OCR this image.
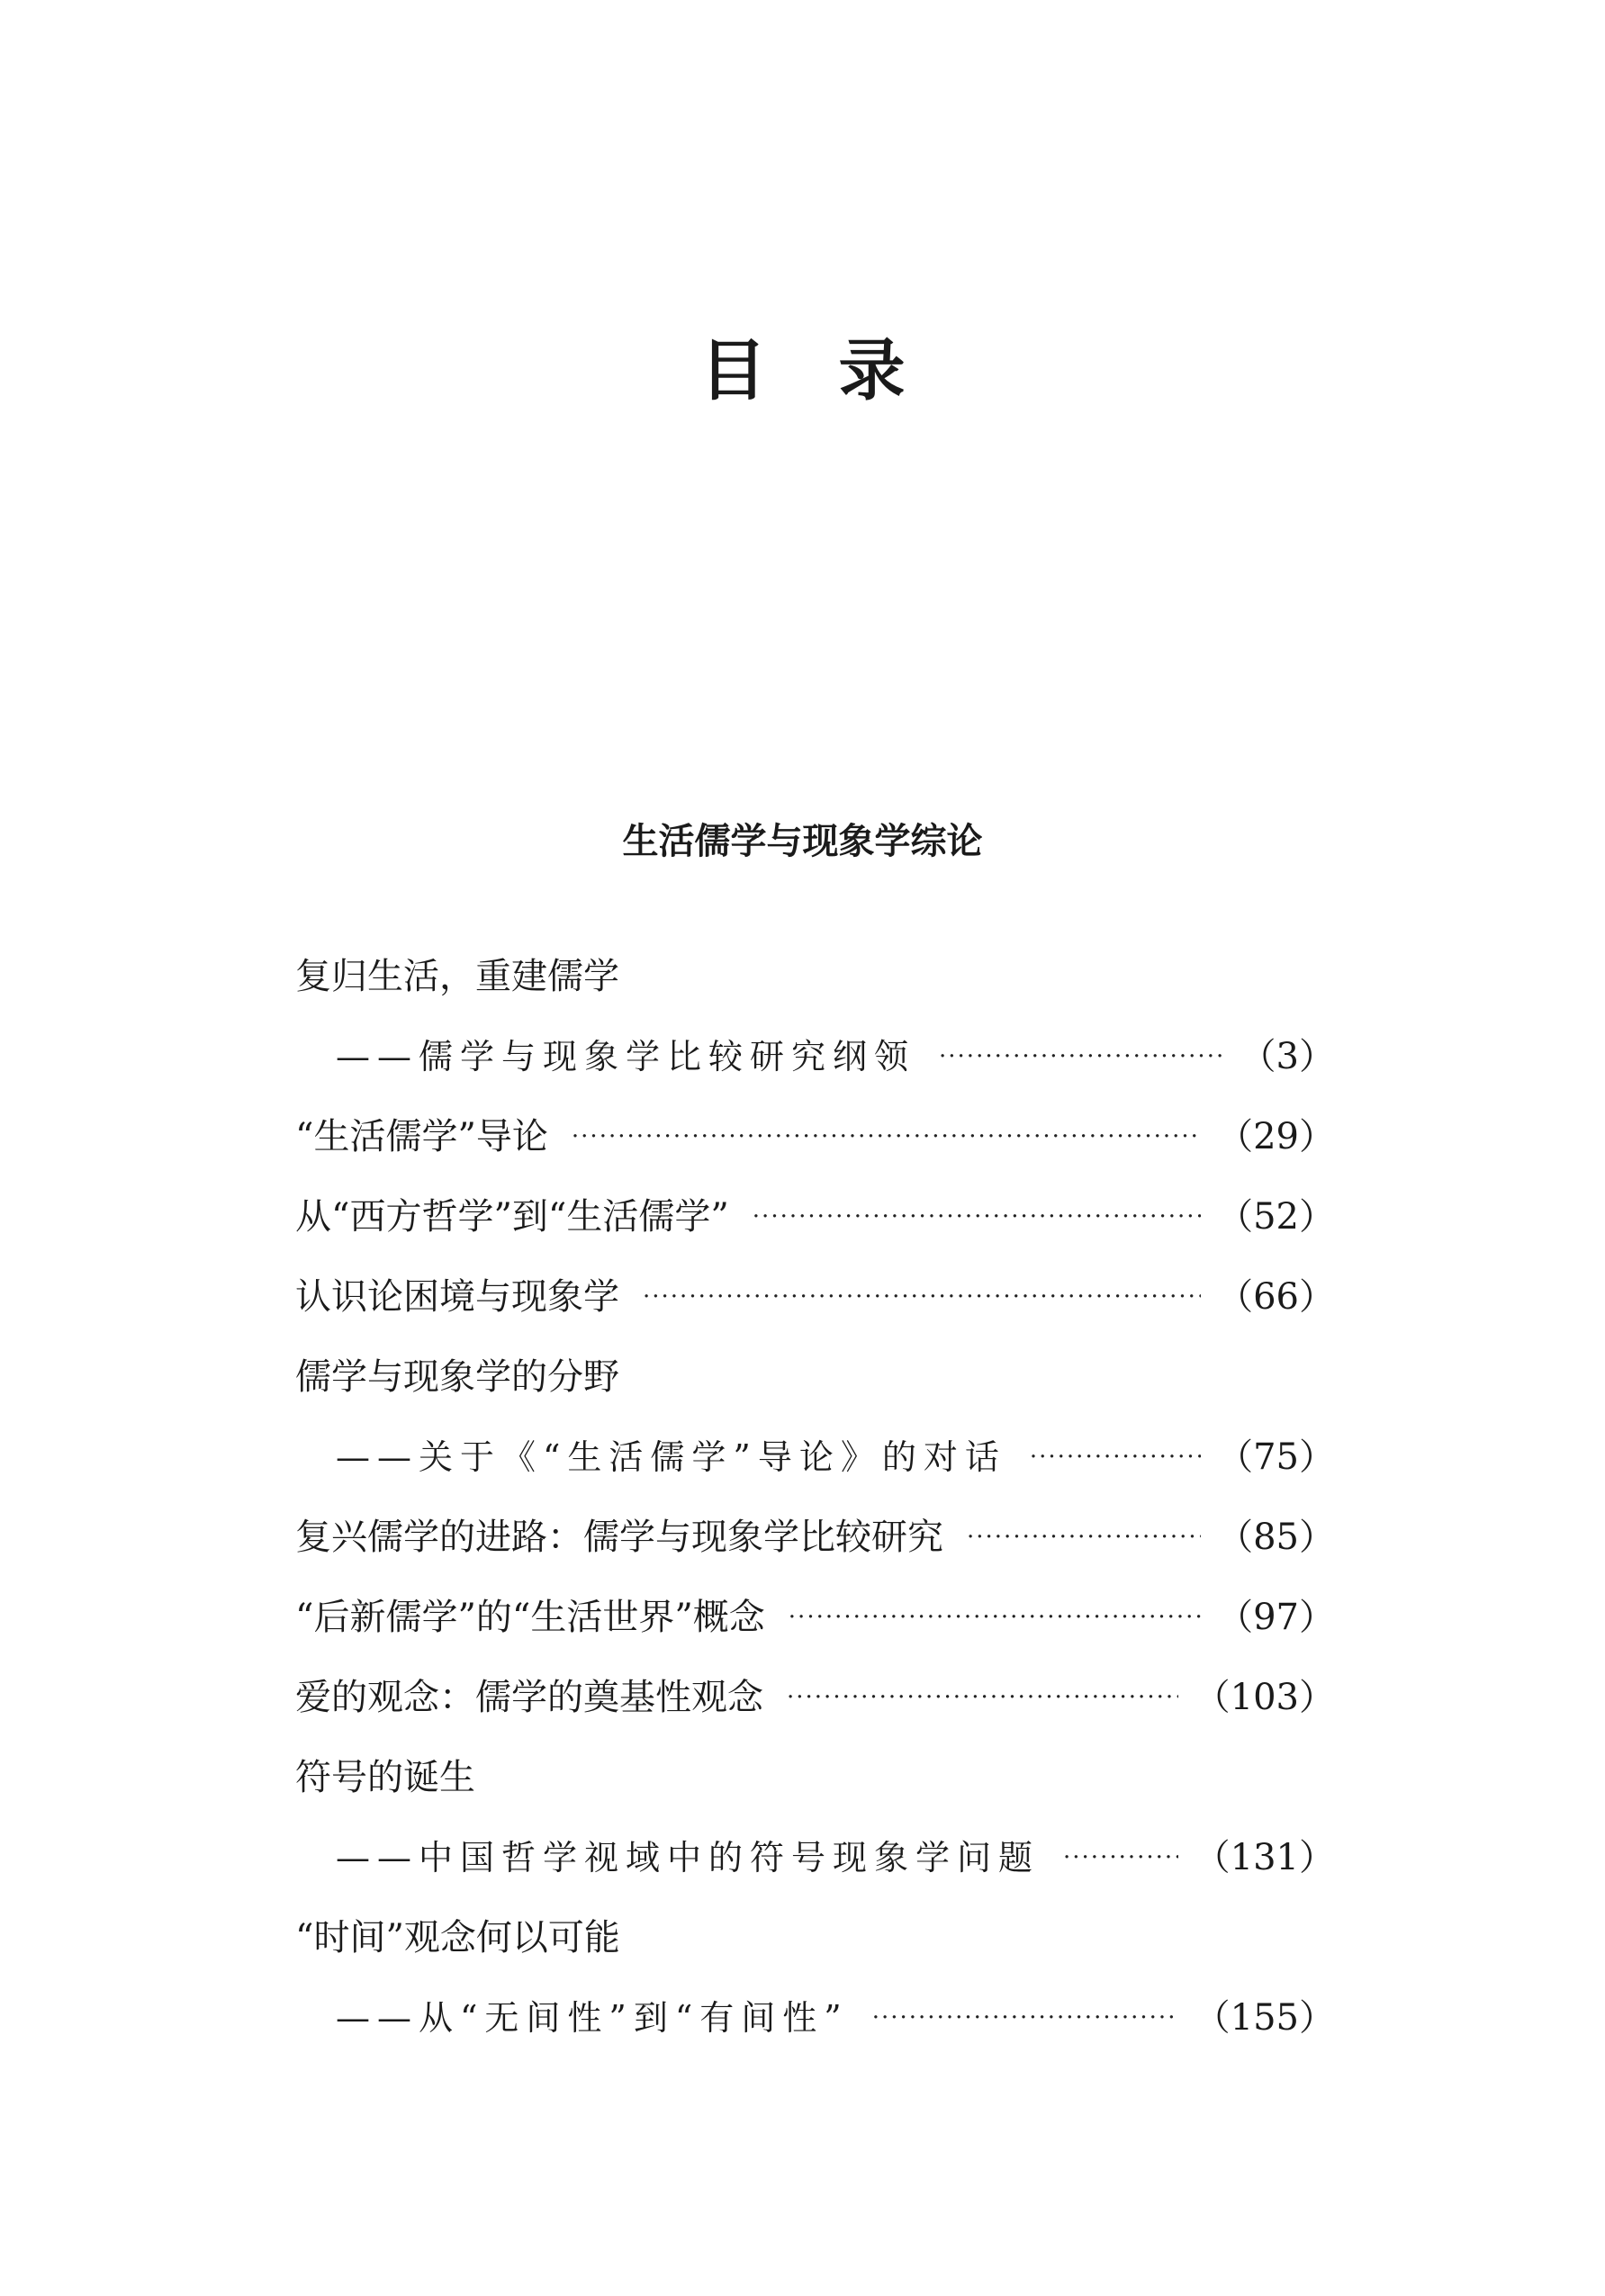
目 录
生活儒学与现象学综论
复归生活，重建儒学
——儒学与现象学比较研究纲领 ·····	（3）
“生活儒学”导论 ·····	（29）
从“西方哲学”到“生活儒学” ·····	（52）
认识论困境与现象学 ·····	（66）
儒学与现象学的分野
——关于《“生活儒学”导论》的对话 ·····	（75）
复兴儒学的进路：儒学与现象学比较研究 ·····	（85）
“后新儒学”的“生活世界”概念 ·····	（97）
爱的观念：儒学的奠基性观念 ·····	（103）
符号的诞生
——中国哲学视域中的符号现象学问题 ·····	（131）
“时间”观念何以可能
——从“无间性”到“有间性” ·····	（155）
